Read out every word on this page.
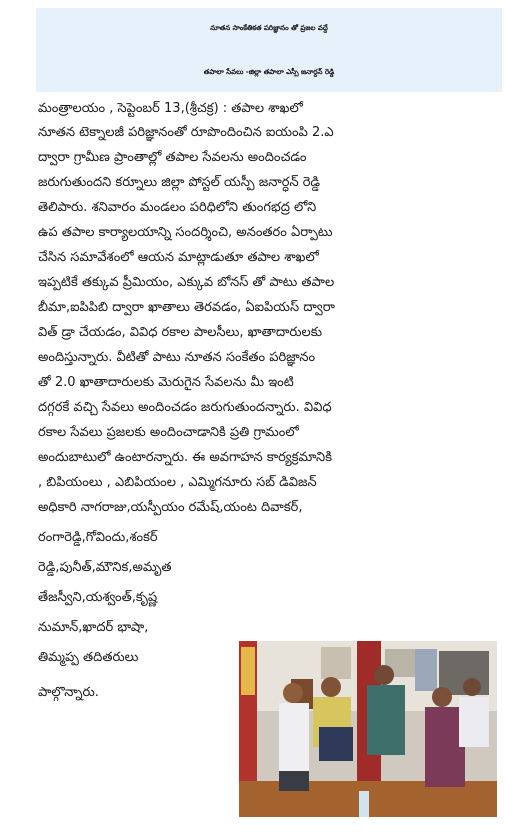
నూతన సాంకేతికత పరిజ్ఞానం తో ప్రజల వద్దే
తపాలా సేవలు -జిల్లా తపాలా ఎస్పీ జనార్దన్ రెడ్డి
మంత్రాలయం , సెప్టెంబర్ 13,(శ్రీచక్ర) : తపాల శాఖలో
నూతన టెక్నాలజీ పరిజ్ఞానంతో రూపొందించిన ఐయంపి 2.ఎ
ద్వారా గ్రామీణ ప్రాంతాల్లో తపాల సేవలను అందించడం
జరుగుతుందని కర్నూలు జిల్లా పోస్టల్ యస్పీ జనార్ధన్ రెడ్డి
తెలిపారు. శనివారం మండలం పరిధిలోని తుంగభద్ర లోని
ఉప తపాల కార్యాలయాన్ని సందర్శించి, అనంతరం ఏర్పాటు
చేసిన సమావేశంలో ఆయన మాట్లాడుతూ తపాల శాఖలో
ఇప్పటికే తక్కువ ప్రీమియం, ఎక్కువ బోనస్ తో పాటు తపాల
బీమా,ఐపిపిబి ద్వారా ఖాతాలు తెరవడం, ఏఐపియస్ ద్వారా
విత్ డ్రా చేయడం, వివిధ రకాల పాలసీలు, ఖాతాదారులకు
అందిస్తున్నారు. వీటితో పాటు నూతన సంకేతం పరిజ్ఞానం
తో 2.0 ఖాతాదారులకు మెరుగైన సేవలను మీ ఇంటి
దగ్గరకే వచ్చి సేవలు అందించడం జరుగుతుందన్నారు. వివిధ
రకాల సేవలు ప్రజలకు అందించాడానికి ప్రతి గ్రామంలో
అందుబాటులో ఉంటారన్నారు. ఈ అవగాహన కార్యక్రమానికి
, బిపియంలు , ఎబిపియంల , ఎమ్మిగనూరు సబ్ డివిజన్
అధికారి నాగరాజు,యస్పీయం రమేష్,యంట దివాకర్,
రంగారెడ్డి,గోవిందు,శంకర్
రెడ్డి,పునీత్,మౌనిక,అమృత
తేజస్వీని,యశ్వంత్,కృష్ణ
నుమాన్,ఖాదర్ భాషా,
తిమ్మప్ప తదితరులు
పాల్గొన్నారు.
